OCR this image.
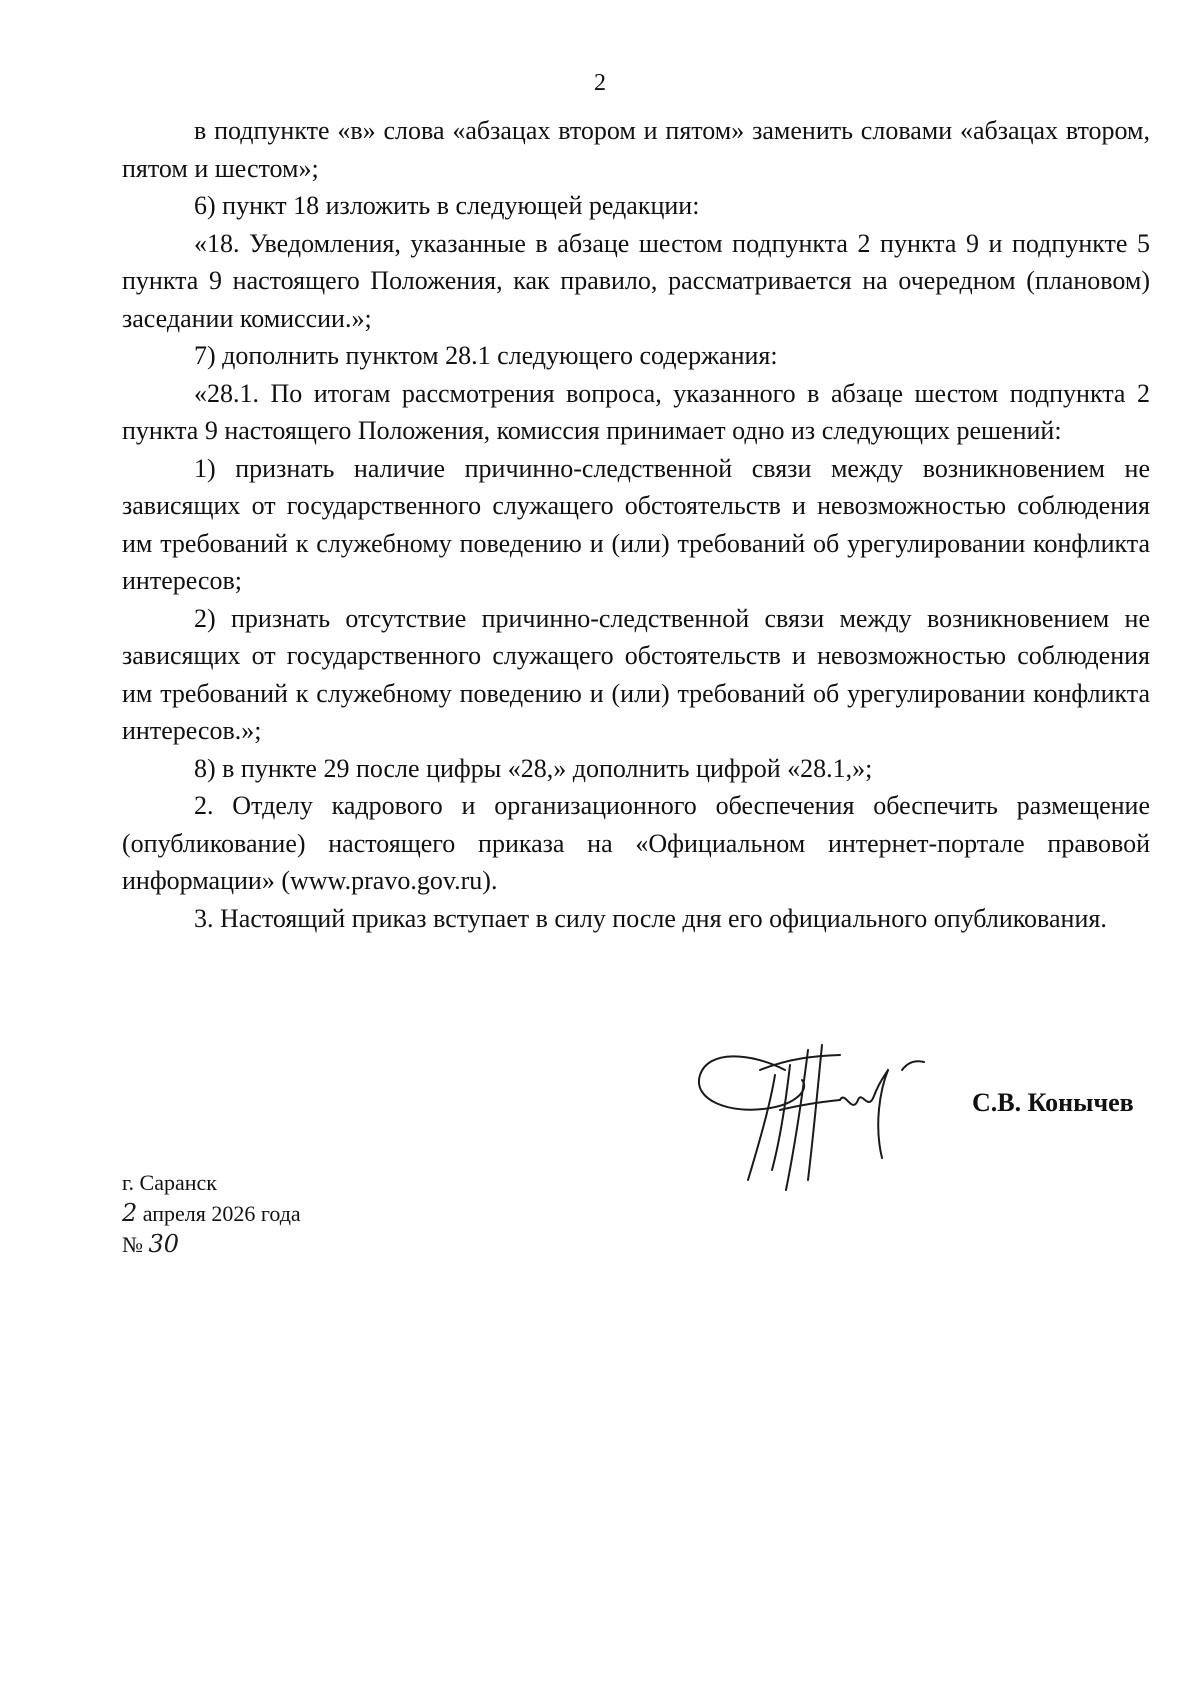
2

в подпункте «в» слова «абзацах втором и пятом» заменить словами «абзацах втором, пятом и шестом»;

6) пункт 18 изложить в следующей редакции:

«18. Уведомления, указанные в абзаце шестом подпункта 2 пункта 9 и подпункте 5 пункта 9 настоящего Положения, как правило, рассматривается на очередном (плановом) заседании комиссии.»;

7) дополнить пунктом 28.1 следующего содержания:

«28.1. По итогам рассмотрения вопроса, указанного в абзаце шестом подпункта 2 пункта 9 настоящего Положения, комиссия принимает одно из следующих решений:

1) признать наличие причинно-следственной связи между возникновением не зависящих от государственного служащего обстоятельств и невозможностью соблюдения им требований к служебному поведению и (или) требований об урегулировании конфликта интересов;

2) признать отсутствие причинно-следственной связи между возникновением не зависящих от государственного служащего обстоятельств и невозможностью соблюдения им требований к служебному поведению и (или) требований об урегулировании конфликта интересов.»;

8) в пункте 29 после цифры «28,» дополнить цифрой «28.1,»;

2. Отделу кадрового и организационного обеспечения обеспечить размещение (опубликование) настоящего приказа на «Официальном интернет-портале правовой информации» (www.pravo.gov.ru).

3. Настоящий приказ вступает в силу после дня его официального опубликования.

С.В. Конычев
г. Саранск
2 апреля 2026 года
№ 30
